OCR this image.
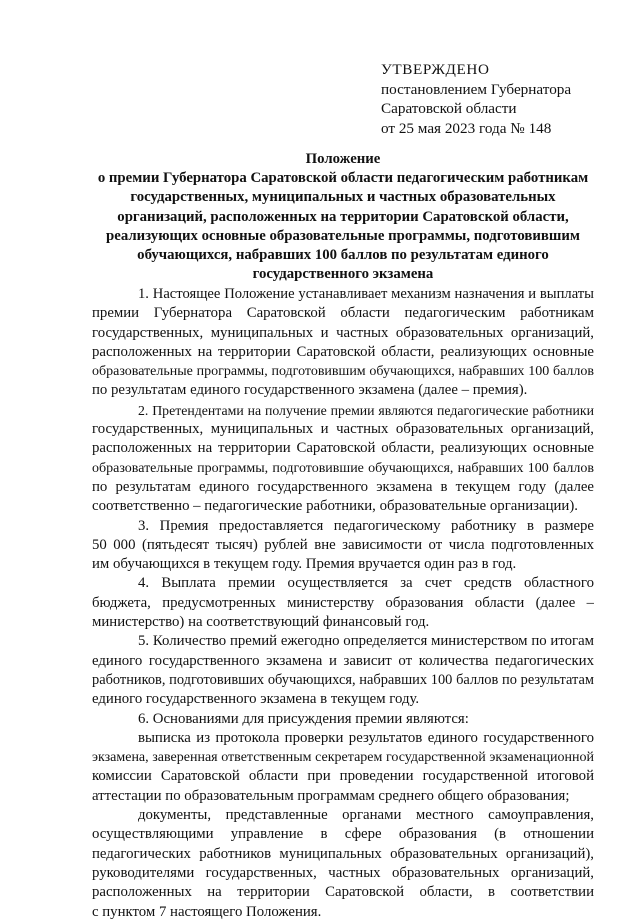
УТВЕРЖДЕНО
постановлением Губернатора
Саратовской области
от 25 мая 2023 года № 148
Положение
о премии Губернатора Саратовской области педагогическим работникам
государственных, муниципальных и частных образовательных
организаций, расположенных на территории Саратовской области,
реализующих основные образовательные программы, подготовившим
обучающихся, набравших 100 баллов по результатам единого
государственного экзамена
1. Настоящее Положение устанавливает механизм назначения и выплаты
премии Губернатора Саратовской области педагогическим работникам
государственных, муниципальных и частных образовательных организаций,
расположенных на территории Саратовской области, реализующих основные
образовательные программы, подготовившим обучающихся, набравших 100 баллов
по результатам единого государственного экзамена (далее – премия).
2. Претендентами на получение премии являются педагогические работники
государственных, муниципальных и частных образовательных организаций,
расположенных на территории Саратовской области, реализующих основные
образовательные программы, подготовившие обучающихся, набравших 100 баллов
по результатам единого государственного экзамена в текущем году (далее
соответственно – педагогические работники, образовательные организации).
3. Премия предоставляется педагогическому работнику в размере
50 000 (пятьдесят тысяч) рублей вне зависимости от числа подготовленных
им обучающихся в текущем году. Премия вручается один раз в год.
4. Выплата премии осуществляется за счет средств областного
бюджета, предусмотренных министерству образования области (далее –
министерство) на соответствующий финансовый год.
5. Количество премий ежегодно определяется министерством по итогам
единого государственного экзамена и зависит от количества педагогических
работников, подготовивших обучающихся, набравших 100 баллов по результатам
единого государственного экзамена в текущем году.
6. Основаниями для присуждения премии являются:
выписка из протокола проверки результатов единого государственного
экзамена, заверенная ответственным секретарем государственной экзаменационной
комиссии Саратовской области при проведении государственной итоговой
аттестации по образовательным программам среднего общего образования;
документы, представленные органами местного самоуправления,
осуществляющими управление в сфере образования (в отношении
педагогических работников муниципальных образовательных организаций),
руководителями государственных, частных образовательных организаций,
расположенных на территории Саратовской области, в соответствии
с пунктом 7 настоящего Положения.
